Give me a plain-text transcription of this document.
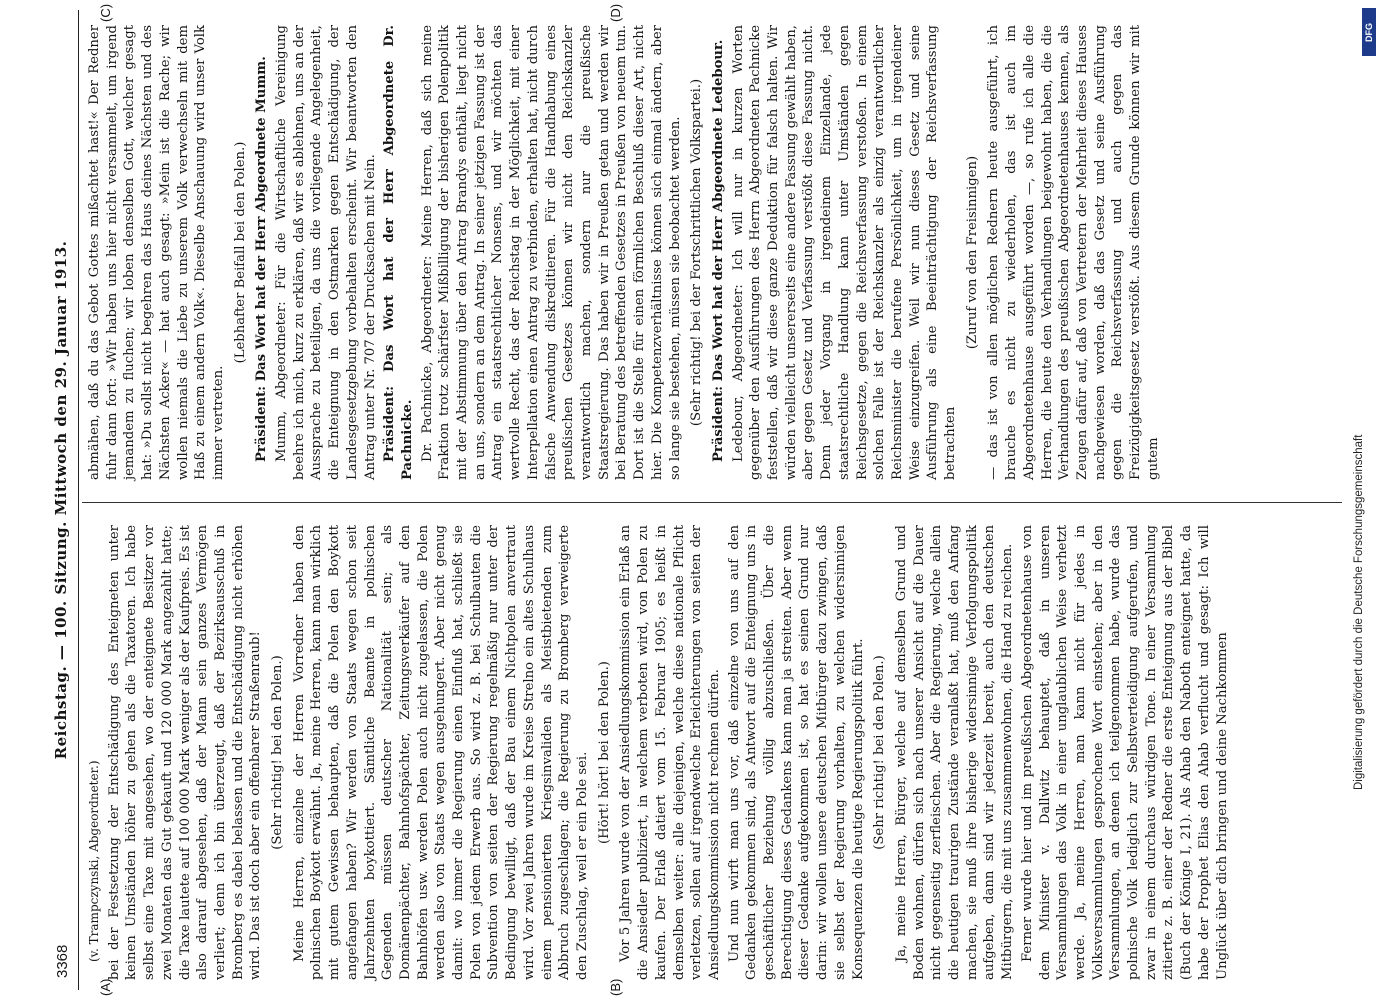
3368
Reichstag. — 100. Sitzung. Mittwoch den 29. Januar 1913.
(A)	(B)
(C)	(D)

(v. Trampczynski, Abgeordneter.) bei der Festsetzung der Entschädigung des Enteigneten unter keinen Umständen höher zu gehen als die Taxatoren. Ich habe selbst eine Taxe mit angesehen, wo der enteignete Besitzer vor zwei Monaten das Gut gekauft und 120 000 Mark angezahlt hatte; die Taxe lautete auf 100 000 Mark weniger als der Kaufpreis. Es ist also darauf abgesehen, daß der Mann sein ganzes Vermögen verliert; denn ich bin überzeugt, daß der Bezirksausschuß in Bromberg es dabei belassen und die Entschädigung nicht erhöhen wird. Das ist doch aber ein offenbarer Straßenraub! (Sehr richtig! bei den Polen.) Meine Herren, einzelne der Herren Vorredner haben den polnischen Boykott erwähnt. Ja, meine Herren, kann man wirklich mit gutem Gewissen behaupten, daß die Polen den Boykott angefangen haben? Wir werden von Staats wegen schon seit Jahrzehnten boykottiert. Sämtliche Beamte in polnischen Gegenden müssen deutscher Nationalität sein; als Domänenpächter, Bahnhofspächter, Zeitungsverkäufer auf den Bahnhöfen usw. werden Polen auch nicht zugelassen, die Polen werden also von Staats wegen ausgehungert. Aber nicht genug damit: wo immer die Regierung einen Einfluß hat, schließt sie Polen von jedem Erwerb aus. So wird z. B. bei Schulbauten die Subvention von seiten der Regierung regelmäßig nur unter der Bedingung bewilligt, daß der Bau einem Nichtpolen anvertraut wird. Vor zwei Jahren wurde im Kreise Strelno ein altes Schulhaus einem pensionierten Kriegsinvaliden als Meistbietenden zum Abbruch zugeschlagen; die Regierung zu Bromberg verweigerte den Zuschlag, weil er ein Pole sei. (Hört! hört! bei den Polen.) Vor 5 Jahren wurde von der Ansiedlungskommission ein Erlaß an die Ansiedler publiziert, in welchem verboten wird, von Polen zu kaufen. Der Erlaß datiert vom 15. Februar 1905; es heißt in demselben weiter: alle diejenigen, welche diese nationale Pflicht verletzen, sollen auf irgendwelche Erleichterungen von seiten der Ansiedlungskommission nicht rechnen dürfen. Und nun wirft man uns vor, daß einzelne von uns auf den Gedanken gekommen sind, als Antwort auf die Enteignung uns in geschäftlicher Beziehung völlig abzuschließen. Über die Berechtigung dieses Gedankens kann man ja streiten. Aber wenn dieser Gedanke aufgekommen ist, so hat es seinen Grund nur darin: wir wollen unsere deutschen Mitbürger dazu zwingen, daß sie selbst der Regierung vorhalten, zu welchen widersinnigen Konsequenzen die heutige Regierungspolitik führt. (Sehr richtig! bei den Polen.) Ja, meine Herren, Bürger, welche auf demselben Grund und Boden wohnen, dürfen sich nach unserer Ansicht auf die Dauer nicht gegenseitig zerfleischen. Aber die Regierung, welche allein die heutigen traurigen Zustände veranlaßt hat, muß den Anfang machen, sie muß ihre bisherige widersinnige Verfolgungspolitik aufgeben, dann sind wir jederzeit bereit, auch den deutschen Mitbürgern, die mit uns zusammenwohnen, die Hand zu reichen. Ferner wurde hier und im preußischen Abgeordnetenhause von dem Minister v. Dallwitz behauptet, daß in unseren Versammlungen das Volk in einer unglaublichen Weise verhetzt werde. Ja, meine Herren, man kann nicht für jedes in Volksversammlungen gesprochene Wort einstehen; aber in den Versammlungen, an denen ich teilgenommen habe, wurde das polnische Volk lediglich zur Selbstverteidigung aufgerufen, und zwar in einem durchaus würdigen Tone. In einer Versammlung zitierte z. B. einer der Redner die erste Enteignung aus der Bibel (Buch der Könige I, 21). Als Ahab den Naboth enteignet hatte, da habe der Prophet Elias den Ahab verflucht und gesagt: Ich will Unglück über dich bringen und deine Nachkommen

abmähen, daß du das Gebot Gottes mißachtet hast!« Der Redner fuhr dann fort: »Wir haben uns hier nicht versammelt, um irgend jemandem zu fluchen; wir loben denselben Gott, welcher gesagt hat: »Du sollst nicht begehren das Haus deines Nächsten und des Nächsten Acker« — hat auch gesagt: »Mein ist die Rache; wir wollen niemals die Liebe zu unserem Volk verwechseln mit dem Haß zu einem andern Volk«. Dieselbe Anschauung wird unser Volk immer vertreten.

(Lebhafter Beifall bei den Polen.) Präsident: Das Wort hat der Herr Abgeordnete Mumm. Mumm, Abgeordneter: Für die Wirtschaftliche Vereinigung beehre ich mich, kurz zu erklären, daß wir es ablehnen, uns an der Aussprache zu beteiligen, da uns die vorliegende Angelegenheit, die Enteignung in den Ostmarken gegen Entschädigung, der Landesgesetzgebung vorbehalten erscheint. Wir beantworten den Antrag unter Nr. 707 der Drucksachen mit Nein. Präsident: Das Wort hat der Herr Abgeordnete Dr. Pachnicke. Dr. Pachnicke, Abgeordneter: Meine Herren, daß sich meine Fraktion trotz schärfster Mißbilligung der bisherigen Polenpolitik mit der Abstimmung über den Antrag Brandys enthält, liegt nicht an uns, sondern an dem Antrag. In seiner jetzigen Fassung ist der Antrag ein staatsrechtlicher Nonsens, und wir möchten das wertvolle Recht, das der Reichstag in der Möglichkeit, mit einer Interpellation einen Antrag zu verbinden, erhalten hat, nicht durch falsche Anwendung diskreditieren. Für die Handhabung eines preußischen Gesetzes können wir nicht den Reichskanzler verantwortlich machen, sondern nur die preußische Staatsregierung. Das haben wir in Preußen getan und werden wir bei Beratung des betreffenden Gesetzes in Preußen von neuem tun. Dort ist die Stelle für einen förmlichen Beschluß dieser Art, nicht hier. Die Kompetenzverhältnisse können sich einmal ändern, aber so lange sie bestehen, müssen sie beobachtet werden. (Sehr richtig! bei der Fortschrittlichen Volkspartei.) Präsident: Das Wort hat der Herr Abgeordnete Ledebour. Ledebour, Abgeordneter: Ich will nur in kurzen Worten gegenüber den Ausführungen des Herrn Abgeordneten Pachnicke feststellen, daß wir diese ganze Deduktion für falsch halten. Wir würden vielleicht unsererseits eine andere Fassung gewählt haben, aber gegen Gesetz und Verfassung verstößt diese Fassung nicht. Denn jeder Vorgang in irgendeinem Einzellande, jede staatsrechtliche Handlung kann unter Umständen gegen Reichsgesetze, gegen die Reichsverfassung verstoßen. In einem solchen Falle ist der Reichskanzler als einzig verantwortlicher Reichsminister die berufene Persönlichkeit, um in irgendeiner Weise einzugreifen. Weil wir nun dieses Gesetz und seine Ausführung als eine Beeinträchtigung der Reichsverfassung betrachten

(Zuruf von den Freisinnigen) — das ist von allen möglichen Rednern heute ausgeführt, ich brauche es nicht zu wiederholen, das ist auch im Abgeordnetenhause ausgeführt worden —, so rufe ich alle die Herren, die heute den Verhandlungen beigewohnt haben, die die Verhandlungen des preußischen Abgeordnetenhauses kennen, als Zeugen dafür auf, daß von Vertretern der Mehrheit dieses Hauses nachgewiesen worden, daß das Gesetz und seine Ausführung gegen die Reichsverfassung und auch gegen das Freizügigkeitsgesetz verstößt. Aus diesem Grunde können wir mit gutem

DFG
Digitalisierung gefördert durch die Deutsche Forschungsgemeinschaft
